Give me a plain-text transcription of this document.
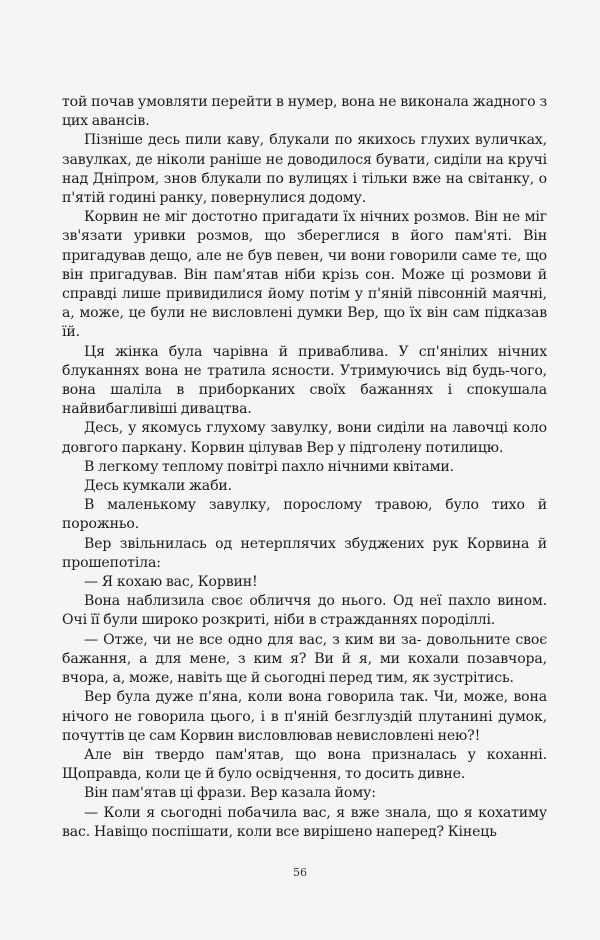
той почав умовляти перейти в нумер, вона не виконала жадного з цих авансів.

Пізніше десь пили каву, блукали по якихось глухих вуличках, завулках, де ніколи раніше не доводилося бувати, сиділи на кручі над Дніпром, знов блукали по вулицях і тільки вже на світанку, о п'ятій годині ранку, повернулися додому.

Корвин не міг достотно пригадати їх нічних розмов. Він не міг зв'язати уривки розмов, що збереглися в його пам'яті. Він пригадував дещо, але не був певен, чи вони говорили саме те, що він пригадував. Він пам'ятав ніби крізь сон. Може ці розмови й справді лише привидилися йому потім у п'яній півсонній маячні, а, може, це були не висловлені думки Вер, що їх він сам підказав їй.

Ця жінка була чарівна й приваблива. У сп'янілих нічних блуканнях вона не тратила ясности. Утримуючись від будь-чого, вона шаліла в приборканих своїх бажаннях і спокушала найвибагливіші дивацтва.

Десь, у якомусь глухому завулку, вони сиділи на лавочці коло довгого паркану. Корвин цілував Вер у підголену потилицю.

В легкому теплому повітрі пахло нічними квітами.

Десь кумкали жаби.

В маленькому завулку, порослому травою, було тихо й порожньо.

Вер звільнилась од нетерплячих збуджених рук Корвина й прошепотіла:

— Я кохаю вас, Корвин!

Вона наблизила своє обличчя до нього. Од неї пахло вином. Очі її були широко розкриті, ніби в стражданнях породіллі.

— Отже, чи не все одно для вас, з ким ви за- довольните своє бажання, а для мене, з ким я? Ви й я, ми кохали позавчора, вчора, а, може, навіть ще й сьогодні перед тим, як зустрітись.

Вер була дуже п'яна, коли вона говорила так. Чи, може, вона нічого не говорила цього, і в п'яній безглуздій плутанині думок, почуттів це сам Корвин висловлював невисловлені нею?!

Але він твердо пам'ятав, що вона призналась у коханні. Щоправда, коли це й було освідчення, то досить дивне.

Він пам'ятав ці фрази. Вер казала йому:

— Коли я сьогодні побачила вас, я вже знала, що я кохатиму вас. Навіщо поспішати, коли все вирішено наперед? Кінець

56
